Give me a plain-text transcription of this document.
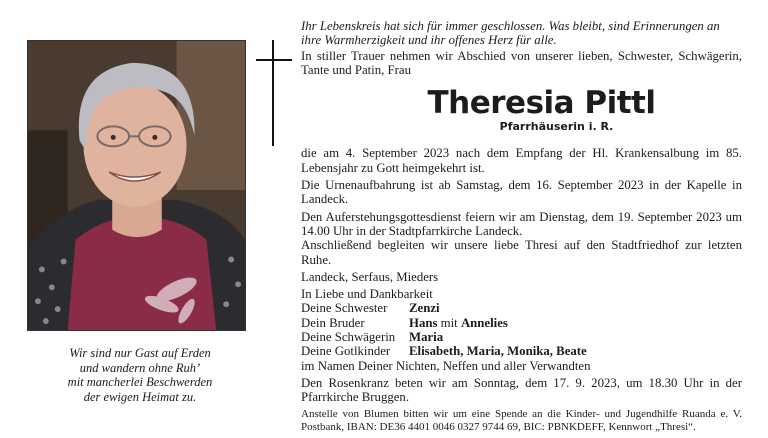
Wir sind nur Gast auf Erden
und wandern ohne Ruh’
mit mancherlei Beschwerden
der ewigen Heimat zu.
Ihr Lebenskreis hat sich für immer geschlossen. Was bleibt, sind Erinnerungen an ihre Warmherzigkeit und ihr offenes Herz für alle.
In stiller Trauer nehmen wir Abschied von unserer lieben, Schwester, Schwägerin, Tante und Patin, Frau
Theresia Pittl
Pfarrhäuserin i. R.
die am 4. September 2023 nach dem Empfang der Hl. Krankensalbung im 85. Lebensjahr zu Gott heimgekehrt ist.
Die Urnenaufbahrung ist ab Samstag, dem 16. September 2023 in der Kapelle in Landeck.
Den Auferstehungsgottesdienst feiern wir am Dienstag, dem 19. September 2023 um 14.00 Uhr in der Stadtpfarrkirche Landeck.
Anschließend begleiten wir unsere liebe Thresi auf den Stadtfriedhof zur letzten Ruhe.
Landeck, Serfaus, Mieders
In Liebe und Dankbarkeit
Deine Schwester	Zenzi
Dein Bruder	Hans mit Annelies
Deine Schwägerin	Maria
Deine Gotlkinder	Elisabeth, Maria, Monika, Beate
im Namen Deiner Nichten, Neffen und aller Verwandten
Den Rosenkranz beten wir am Sonntag, dem 17. 9. 2023, um 18.30 Uhr in der Pfarrkirche Bruggen.
Anstelle von Blumen bitten wir um eine Spende an die Kinder- und Jugendhilfe Ruanda e. V. Postbank, IBAN: DE36 4401 0046 0327 9744 69, BIC: PBNKDEFF, Kennwort „Thresi“.
